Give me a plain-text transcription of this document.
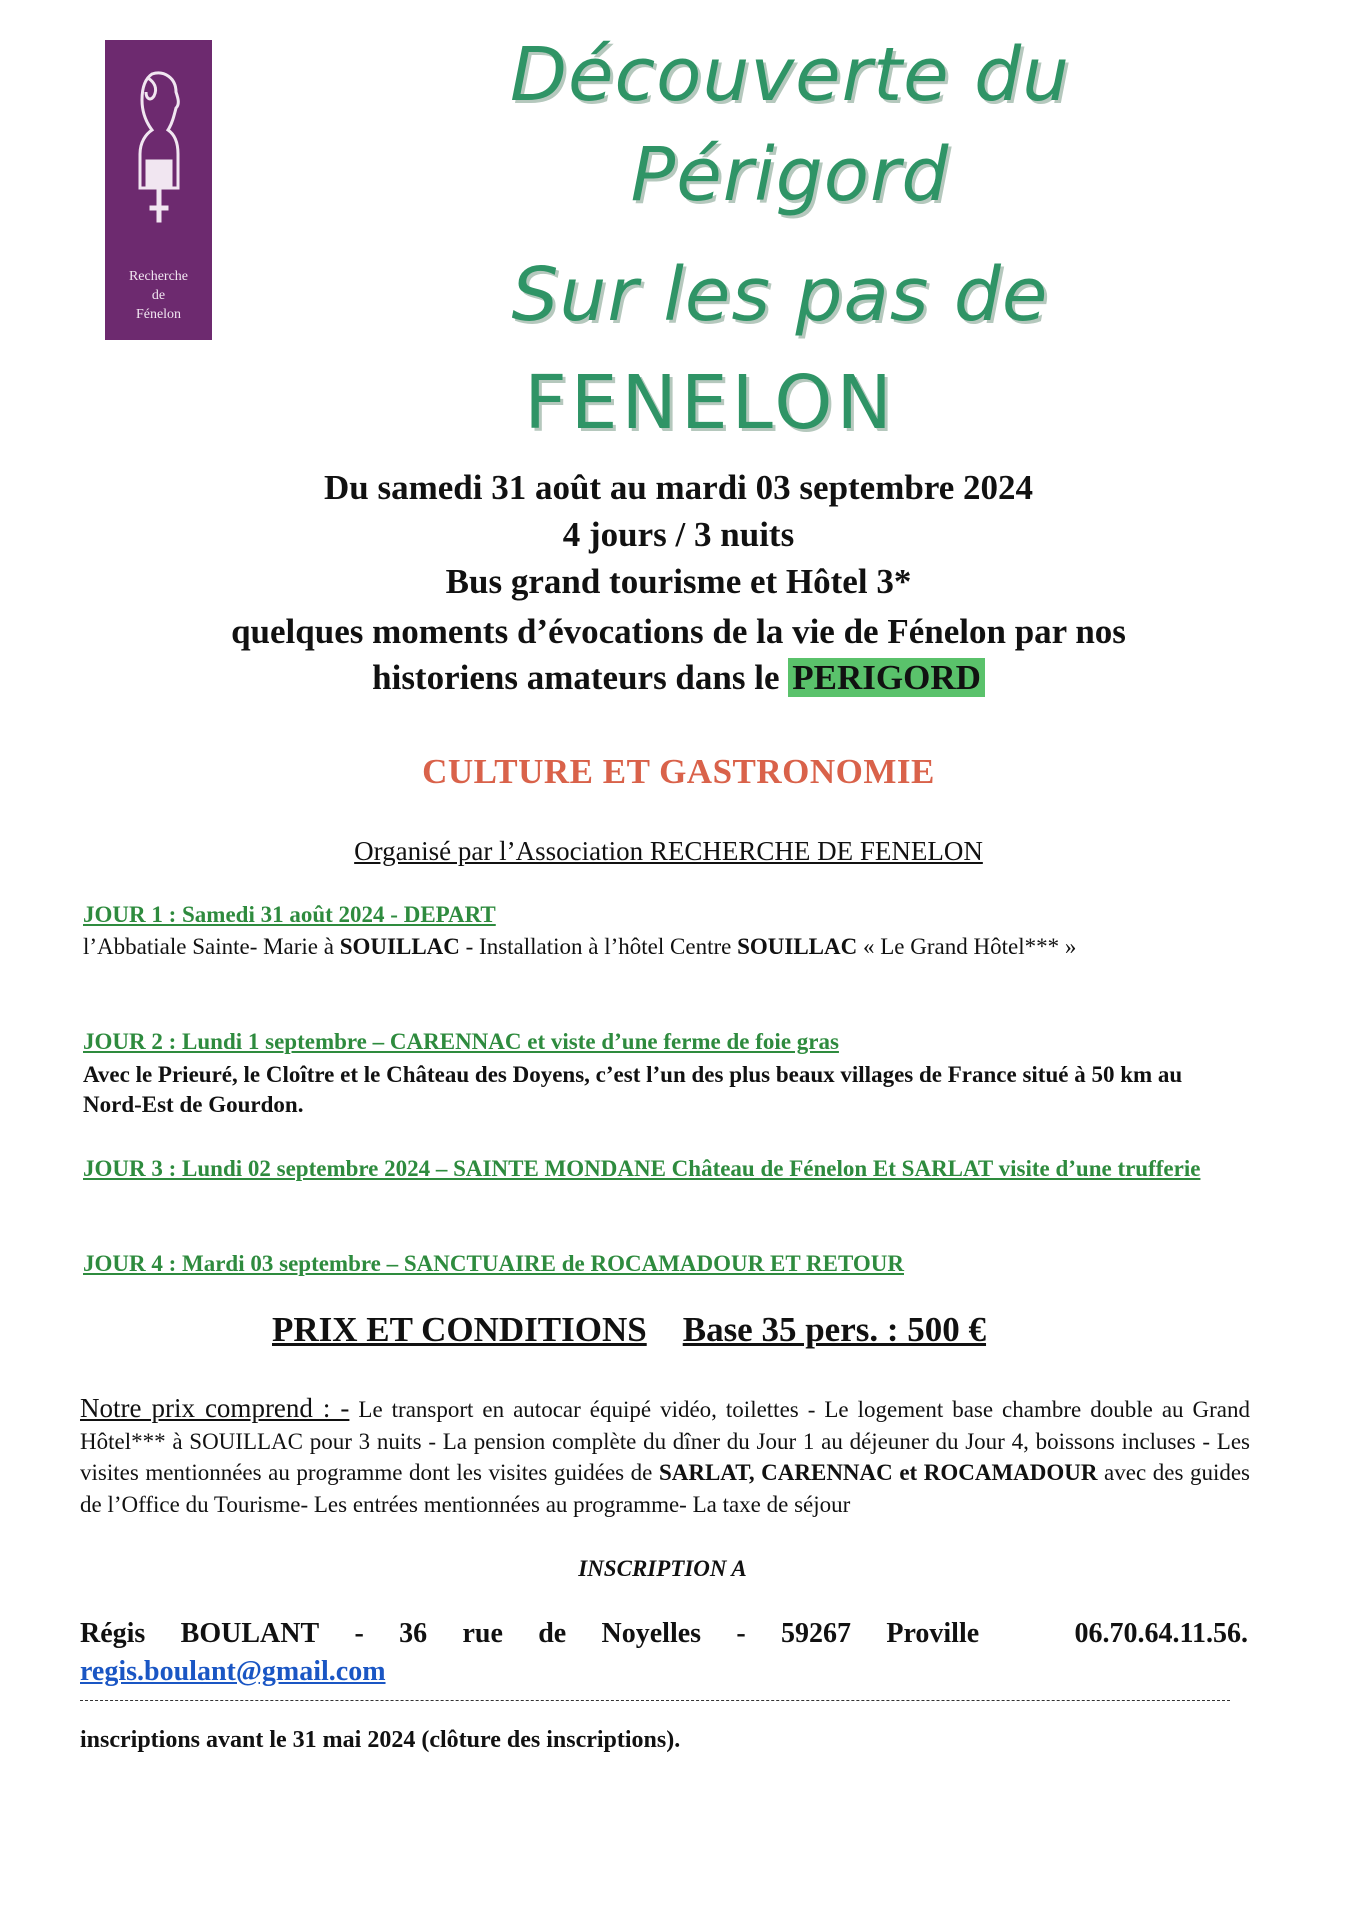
Recherche
de
Fénelon
Découverte du
Périgord
Sur les pas de
FENELON
Du samedi 31 août au mardi 03 septembre 2024
4 jours / 3 nuits
Bus grand tourisme et Hôtel 3*
quelques moments d’évocations de la vie de Fénelon par nos
historiens amateurs dans le PERIGORD
CULTURE ET GASTRONOMIE
Organisé par l’Association RECHERCHE DE FENELON
JOUR 1 : Samedi 31 août 2024 - DEPART
l’Abbatiale Sainte- Marie à SOUILLAC - Installation à l’hôtel Centre SOUILLAC « Le Grand Hôtel*** »
JOUR 2 : Lundi 1 septembre – CARENNAC et viste d’une ferme de foie gras
Avec le Prieuré, le Cloître et le Château des Doyens, c’est l’un des plus beaux villages de France situé à 50 km au Nord-Est de Gourdon.
JOUR 3 : Lundi 02 septembre 2024 – SAINTE MONDANE Château de Fénelon Et SARLAT visite d’une trufferie
JOUR 4 : Mardi 03 septembre – SANCTUAIRE de ROCAMADOUR ET RETOUR
PRIX ET CONDITIONS Base 35 pers. : 500 €
Notre prix comprend : - Le transport en autocar équipé vidéo, toilettes - Le logement base chambre double au Grand Hôtel*** à SOUILLAC pour 3 nuits - La pension complète du dîner du Jour 1 au déjeuner du Jour 4, boissons incluses - Les visites mentionnées au programme dont les visites guidées de SARLAT, CARENNAC et ROCAMADOUR avec des guides de l’Office du Tourisme- Les entrées mentionnées au programme- La taxe de séjour
INSCRIPTION A
Régis BOULANT - 36 rue de Noyelles - 59267 Proville	06.70.64.11.56.
regis.boulant@gmail.com
inscriptions avant le 31 mai 2024 (clôture des inscriptions).
